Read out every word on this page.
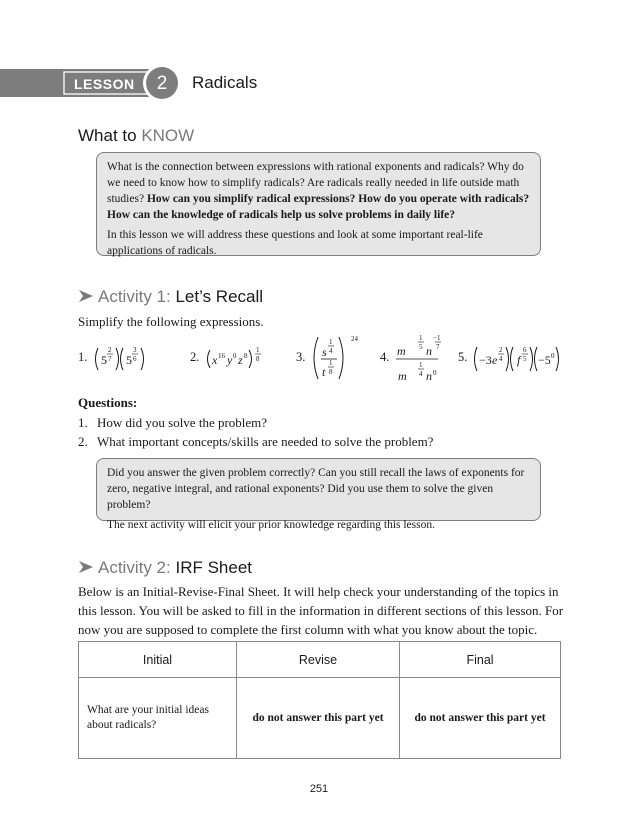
LESSON	2	Radicals
What to KNOW

What is the connection between expressions with rational exponents and radicals? Why do we need to know how to simplify radicals? Are radicals really needed in life outside math studies? How can you simplify radical expressions? How do you operate with radicals? How can the knowledge of radicals help us solve problems in daily life?

In this lesson we will address these questions and look at some important real-life applications of radicals.

Activity 1: Let’s Recall
Simplify the following expressions.
1. 5
2
7 5
3
6	2. x 16 y 0 z 8
1
8	3. s
1
4
t
1
8
24
4.
1
5
−1
7
m n
1
4
m n 0
5. −3 e
2
4 f
6
5 −5 0
Questions:
1. How did you solve the problem?
2. What important concepts/skills are needed to solve the problem?

Did you answer the given problem correctly? Can you still recall the laws of exponents for zero, negative integral, and rational exponents? Did you use them to solve the given problem?

The next activity will elicit your prior knowledge regarding this lesson.

Activity 2: IRF Sheet
Below is an Initial-Revise-Final Sheet. It will help check your understanding of the topics in this lesson. You will be asked to fill in the information in different sections of this lesson. For now you are supposed to complete the first column with what you know about the topic.
Initial	Revise	Final
What are your initial ideas about radicals?	do not answer this part yet	do not answer this part yet
251
